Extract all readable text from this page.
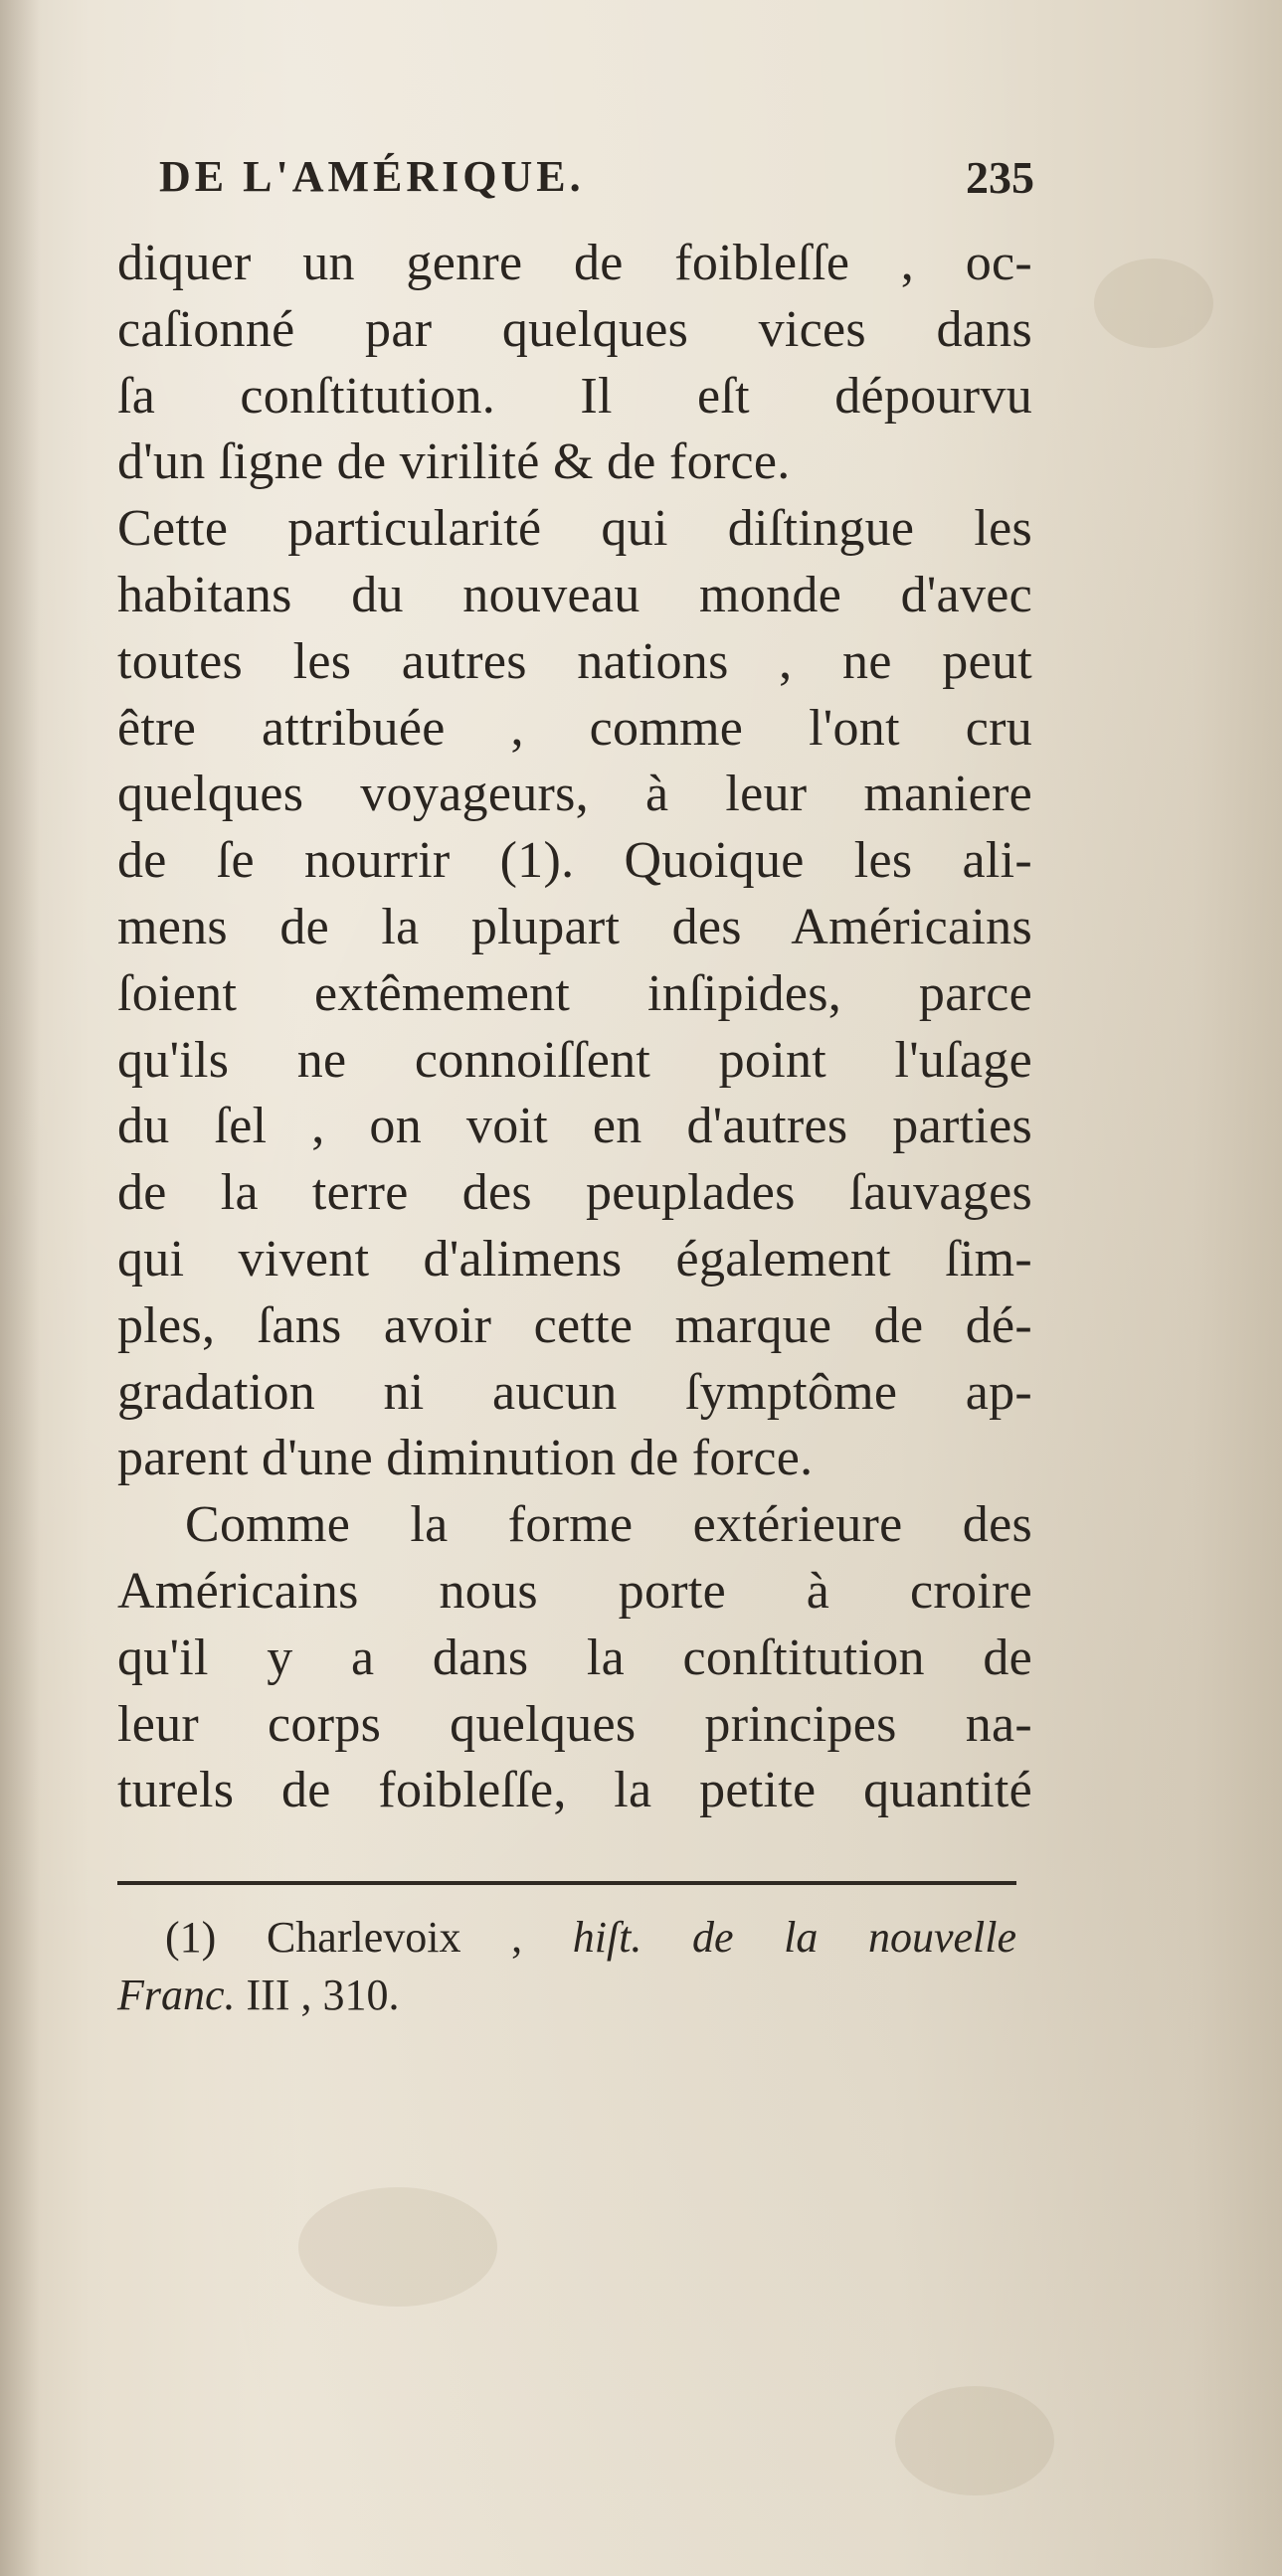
DE L'AMÉRIQUE.	235
diquer un genre de foibleſſe , oc-
caſionné par quelques vices dans
ſa conſtitution. Il eſt dépourvu
d'un ſigne de virilité & de force.
Cette particularité qui diſtingue les
habitans du nouveau monde d'avec
toutes les autres nations , ne peut
être attribuée , comme l'ont cru
quelques voyageurs, à leur maniere
de ſe nourrir (1). Quoique les ali-
mens de la plupart des Américains
ſoient extêmement inſipides, parce
qu'ils ne connoiſſent point l'uſage
du ſel , on voit en d'autres parties
de la terre des peuplades ſauvages
qui vivent d'alimens également ſim-
ples, ſans avoir cette marque de dé-
gradation ni aucun ſymptôme ap-
parent d'une diminution de force.
Comme la forme extérieure des
Américains nous porte à croire
qu'il y a dans la conſtitution de
leur corps quelques principes na-
turels de foibleſſe, la petite quantité
(1) Charlevoix , hiſt. de la nouvelle
Franc. III , 310.
